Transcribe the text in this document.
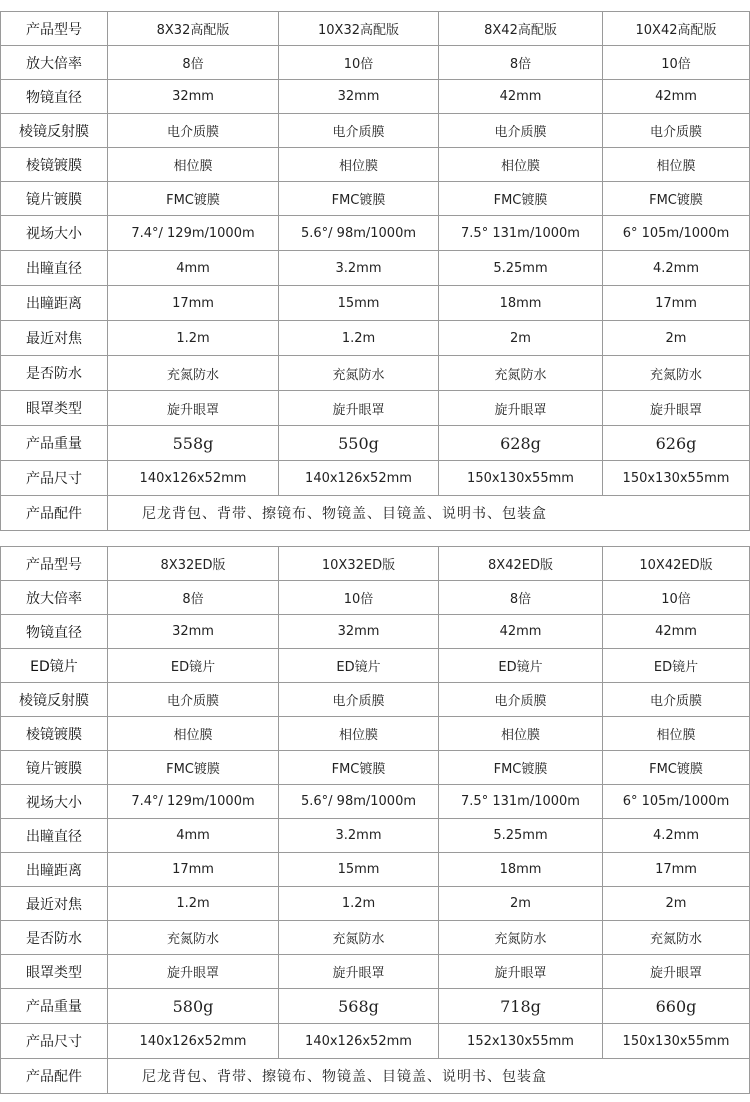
产品型号	8X32高配版	10X32高配版	8X42高配版	10X42高配版
放大倍率	8倍	10倍	8倍	10倍
物镜直径	32mm	32mm	42mm	42mm
棱镜反射膜	电介质膜	电介质膜	电介质膜	电介质膜
棱镜镀膜	相位膜	相位膜	相位膜	相位膜
镜片镀膜	FMC镀膜	FMC镀膜	FMC镀膜	FMC镀膜
视场大小	7.4°/ 129m/1000m	5.6°/ 98m/1000m	7.5° 131m/1000m	6° 105m/1000m
出瞳直径	4mm	3.2mm	5.25mm	4.2mm
出瞳距离	17mm	15mm	18mm	17mm
最近对焦	1.2m	1.2m	2m	2m
是否防水	充氮防水	充氮防水	充氮防水	充氮防水
眼罩类型	旋升眼罩	旋升眼罩	旋升眼罩	旋升眼罩
产品重量	558g	550g	628g	626g
产品尺寸	140x126x52mm	140x126x52mm	150x130x55mm	150x130x55mm
产品配件	尼龙背包、背带、擦镜布、物镜盖、目镜盖、说明书、包装盒			
产品型号	8X32ED版	10X32ED版	8X42ED版	10X42ED版
放大倍率	8倍	10倍	8倍	10倍
物镜直径	32mm	32mm	42mm	42mm
ED镜片	ED镜片	ED镜片	ED镜片	ED镜片
棱镜反射膜	电介质膜	电介质膜	电介质膜	电介质膜
棱镜镀膜	相位膜	相位膜	相位膜	相位膜
镜片镀膜	FMC镀膜	FMC镀膜	FMC镀膜	FMC镀膜
视场大小	7.4°/ 129m/1000m	5.6°/ 98m/1000m	7.5° 131m/1000m	6° 105m/1000m
出瞳直径	4mm	3.2mm	5.25mm	4.2mm
出瞳距离	17mm	15mm	18mm	17mm
最近对焦	1.2m	1.2m	2m	2m
是否防水	充氮防水	充氮防水	充氮防水	充氮防水
眼罩类型	旋升眼罩	旋升眼罩	旋升眼罩	旋升眼罩
产品重量	580g	568g	718g	660g
产品尺寸	140x126x52mm	140x126x52mm	152x130x55mm	150x130x55mm
产品配件	尼龙背包、背带、擦镜布、物镜盖、目镜盖、说明书、包装盒			
